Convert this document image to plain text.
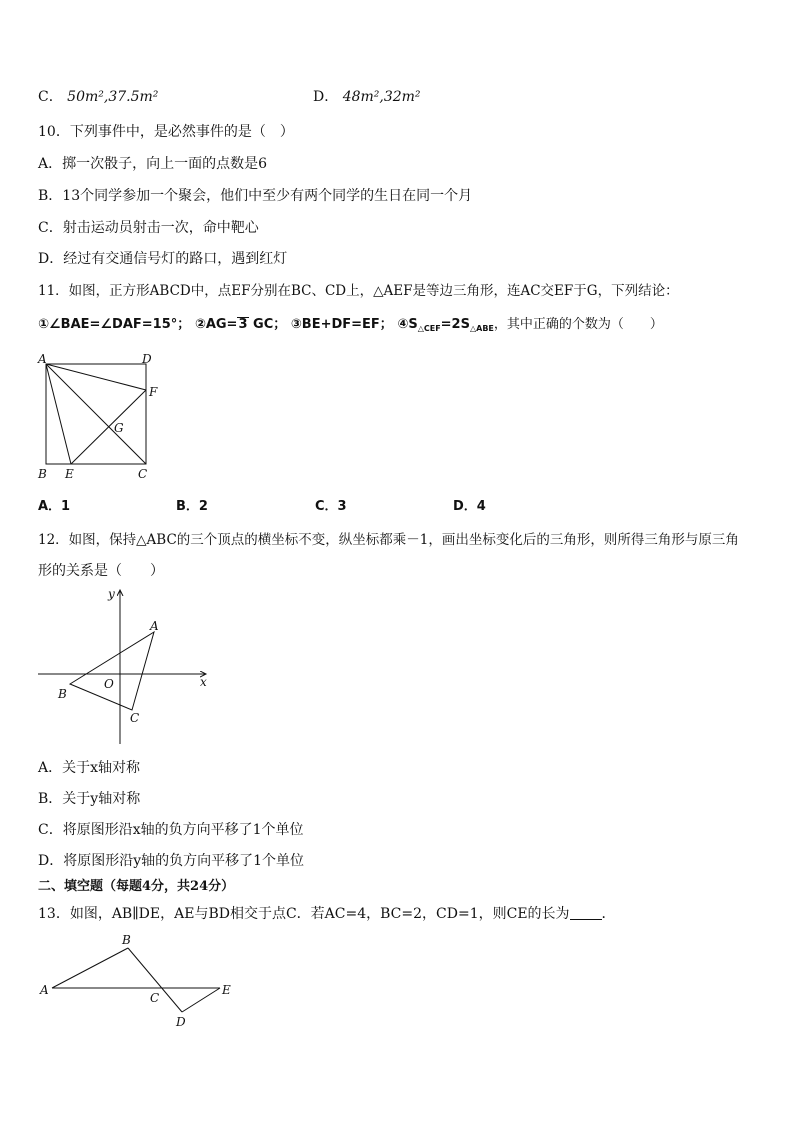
C． 50m²,37.5m²	D． 48m²,32m²
10．下列事件中，是必然事件的是（　）
A．掷一次骰子，向上一面的点数是6
B．13个同学参加一个聚会，他们中至少有两个同学的生日在同一个月
C．射击运动员射击一次，命中靶心
D．经过有交通信号灯的路口，遇到红灯
11．如图，正方形ABCD中，点EF分别在BC、CD上，△AEF是等边三角形，连AC交EF于G，下列结论：
①∠BAE=∠DAF=15°； ②AG=3 GC； ③BE+DF=EF； $④S_{\triangle CEF}=2S_{\triangle ABE}$，其中正确的个数为（　　）
A	D
F
G
B E	C
A．1	B．2	C．3	D．4
12．如图，保持△ABC的三个顶点的横坐标不变，纵坐标都乘－1，画出坐标变化后的三角形，则所得三角形与原三角
形的关系是（　　）
y
x
O
A
B
C
A．关于x轴对称
B．关于y轴对称
C．将原图形沿x轴的负方向平移了1个单位
D．将原图形沿y轴的负方向平移了1个单位
二、填空题（每题4分，共24分）
13．如图，AB∥DE，AE与BD相交于点C．若AC=4，BC=2，CD=1，则CE的长为 ．
A
B
C
D
E
